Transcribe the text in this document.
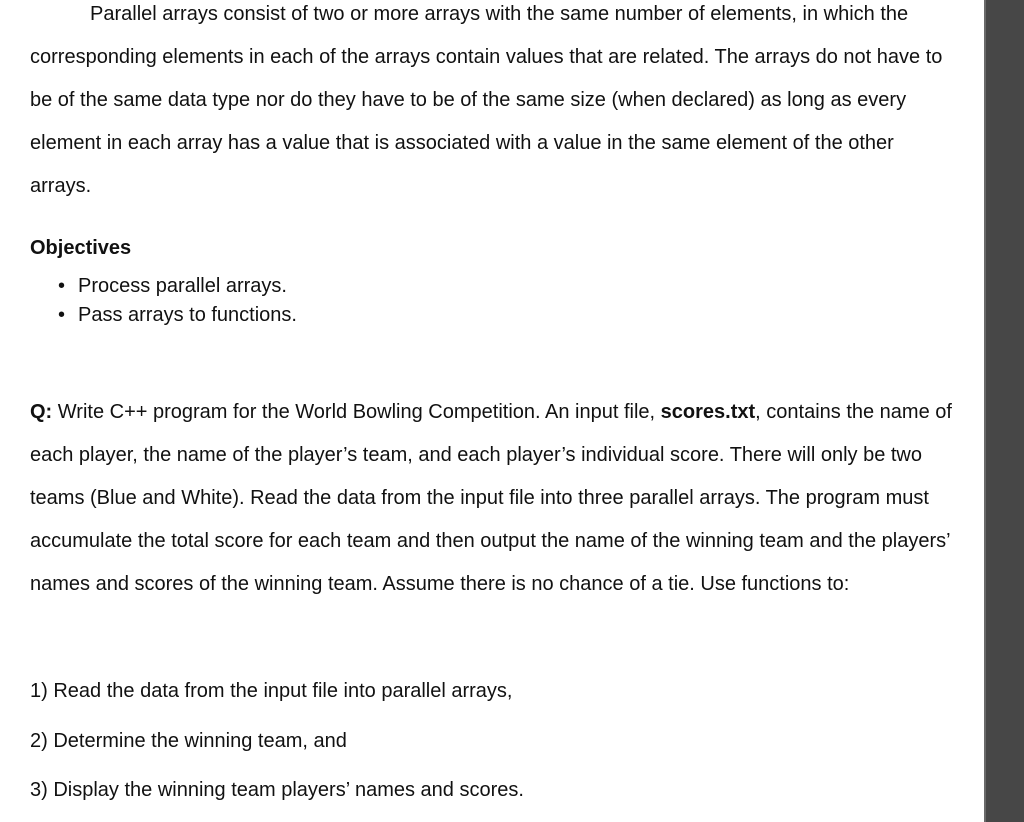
Parallel arrays consist of two or more arrays with the same number of elements, in which the corresponding elements in each of the arrays contain values that are related. The arrays do not have to be of the same data type nor do they have to be of the same size (when declared) as long as every element in each array has a value that is associated with a value in the same element of the other arrays.

Objectives
• Process parallel arrays.
• Pass arrays to functions.

Q: Write C++ program for the World Bowling Competition. An input file, scores.txt, contains the name of each player, the name of the player’s team, and each player’s individual score. There will only be two teams (Blue and White). Read the data from the input file into three parallel arrays. The program must accumulate the total score for each team and then output the name of the winning team and the players’ names and scores of the winning team. Assume there is no chance of a tie. Use functions to:

1) Read the data from the input file into parallel arrays,
2) Determine the winning team, and
3) Display the winning team players’ names and scores.
